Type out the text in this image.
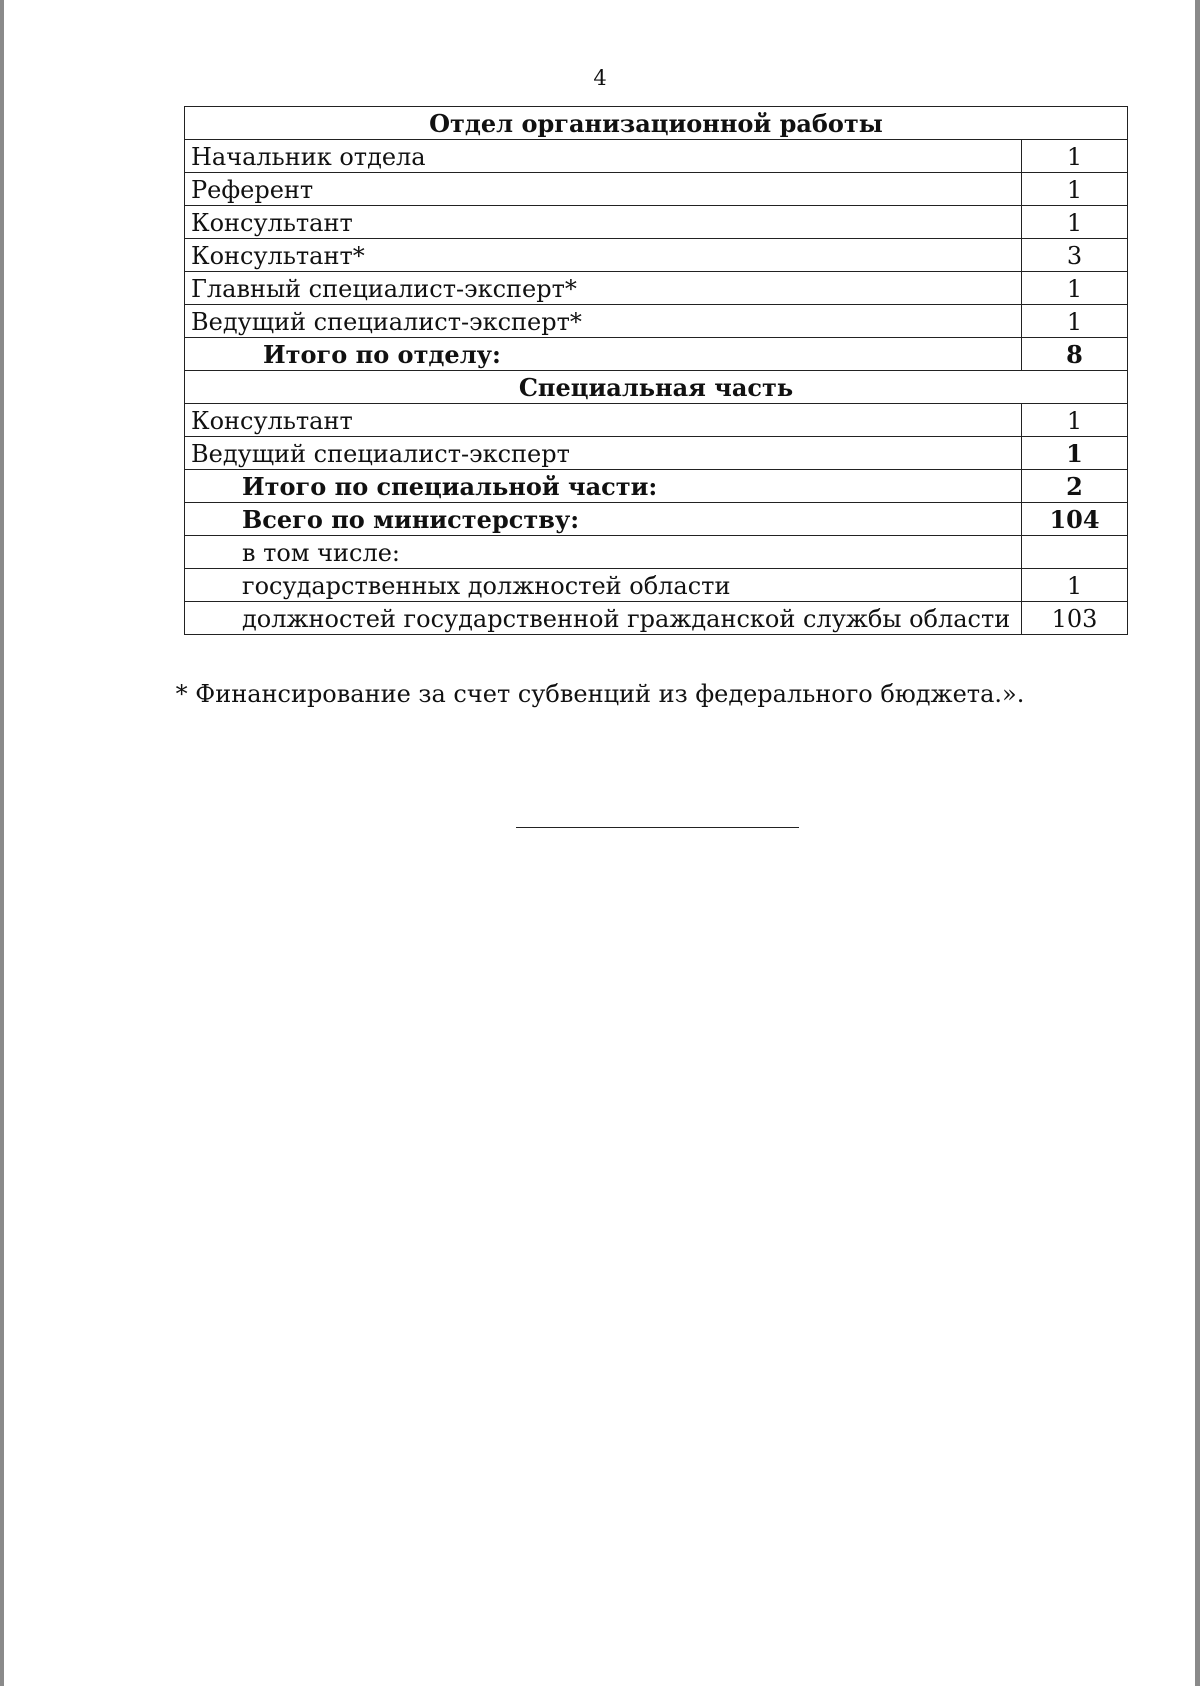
4
Отдел организационной работы	
Начальник отдела	1
Референт	1
Консультант	1
Консультант*	3
Главный специалист-эксперт*	1
Ведущий специалист-эксперт*	1
Итого по отделу:	8
Специальная часть	
Консультант	1
Ведущий специалист-эксперт	1
Итого по специальной части:	2
Всего по министерству:	104
в том числе:	
государственных должностей области	1
должностей государственной гражданской службы области	103
* Финансирование за счет субвенций из федерального бюджета.».
